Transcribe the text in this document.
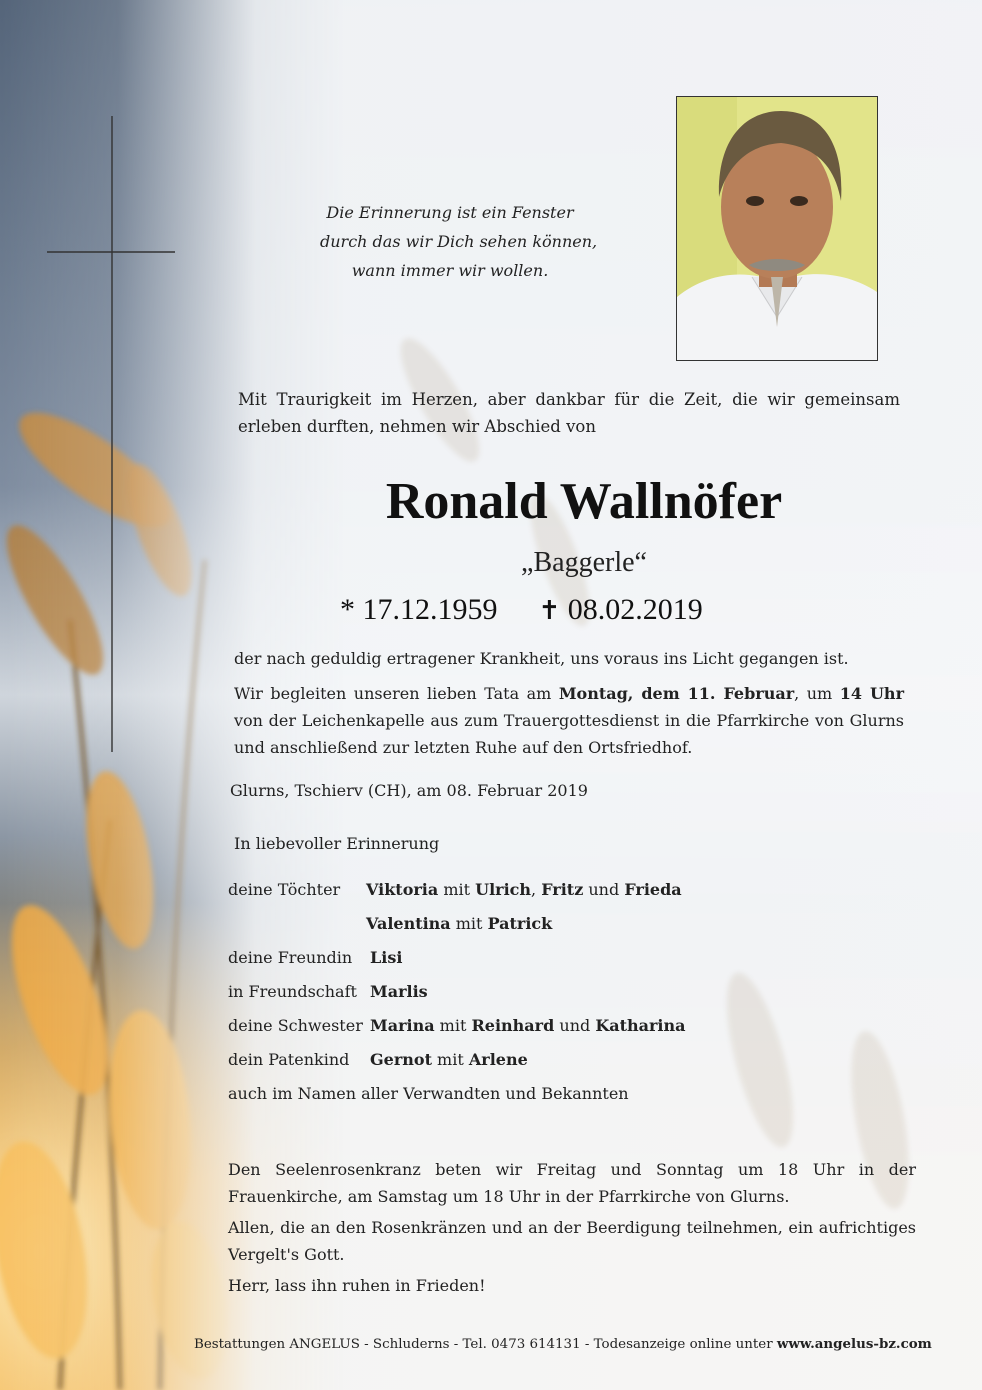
Die Erinnerung ist ein Fenster
durch das wir Dich sehen können,
wann immer wir wollen.
Mit Traurigkeit im Herzen, aber dankbar für die Zeit, die wir gemeinsam erleben durften, nehmen wir Abschied von
Ronald Wallnöfer
„Baggerle“
* 17.12.1959 ✝ 08.02.2019
der nach geduldig ertragener Krankheit, uns voraus ins Licht gegangen ist.
Wir begleiten unseren lieben Tata am Montag, dem 11. Februar, um 14 Uhr von der Leichenkapelle aus zum Trauergottesdienst in die Pfarrkirche von Glurns und anschließend zur letzten Ruhe auf den Ortsfriedhof.
Glurns, Tschierv (CH), am 08. Februar 2019
In liebevoller Erinnerung
deine Töchter Viktoria mit Ulrich, Fritz und Frieda
Valentina mit Patrick
deine Freundin Lisi
in Freundschaft Marlis
deine Schwester Marina mit Reinhard und Katharina
dein Patenkind Gernot mit Arlene
auch im Namen aller Verwandten und Bekannten

Den Seelenrosenkranz beten wir Freitag und Sonntag um 18 Uhr in der Frauenkirche, am Samstag um 18 Uhr in der Pfarrkirche von Glurns.

Allen, die an den Rosenkränzen und an der Beerdigung teilnehmen, ein aufrichtiges Vergelt's Gott.

Herr, lass ihn ruhen in Frieden!

Bestattungen ANGELUS - Schluderns - Tel. 0473 614131 - Todesanzeige online unter www.angelus-bz.com
